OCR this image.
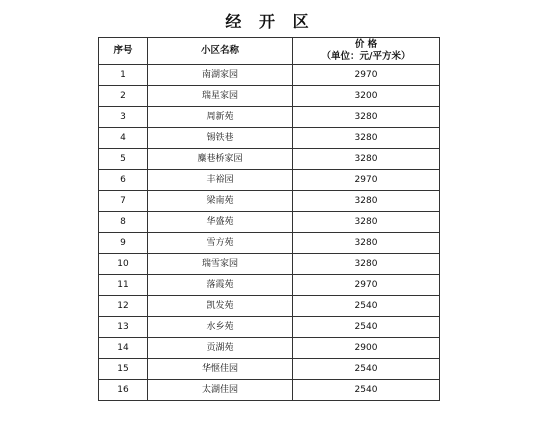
经 开 区
序号	小区名称	价 格
（单位：元/平方米）

1	南湖家园	2970
2	瑞星家园	3200
3	周新苑	3280
4	锡铁巷	3280
5	麋巷桥家园	3280
6	丰裕园	2970
7	梁南苑	3280
8	华盛苑	3280
9	雪方苑	3280
10	瑞雪家园	3280
11	落霞苑	2970
12	凯发苑	2540
13	水乡苑	2540
14	贡湖苑	2900
15	华惬佳园	2540
16	太湖佳园	2540
